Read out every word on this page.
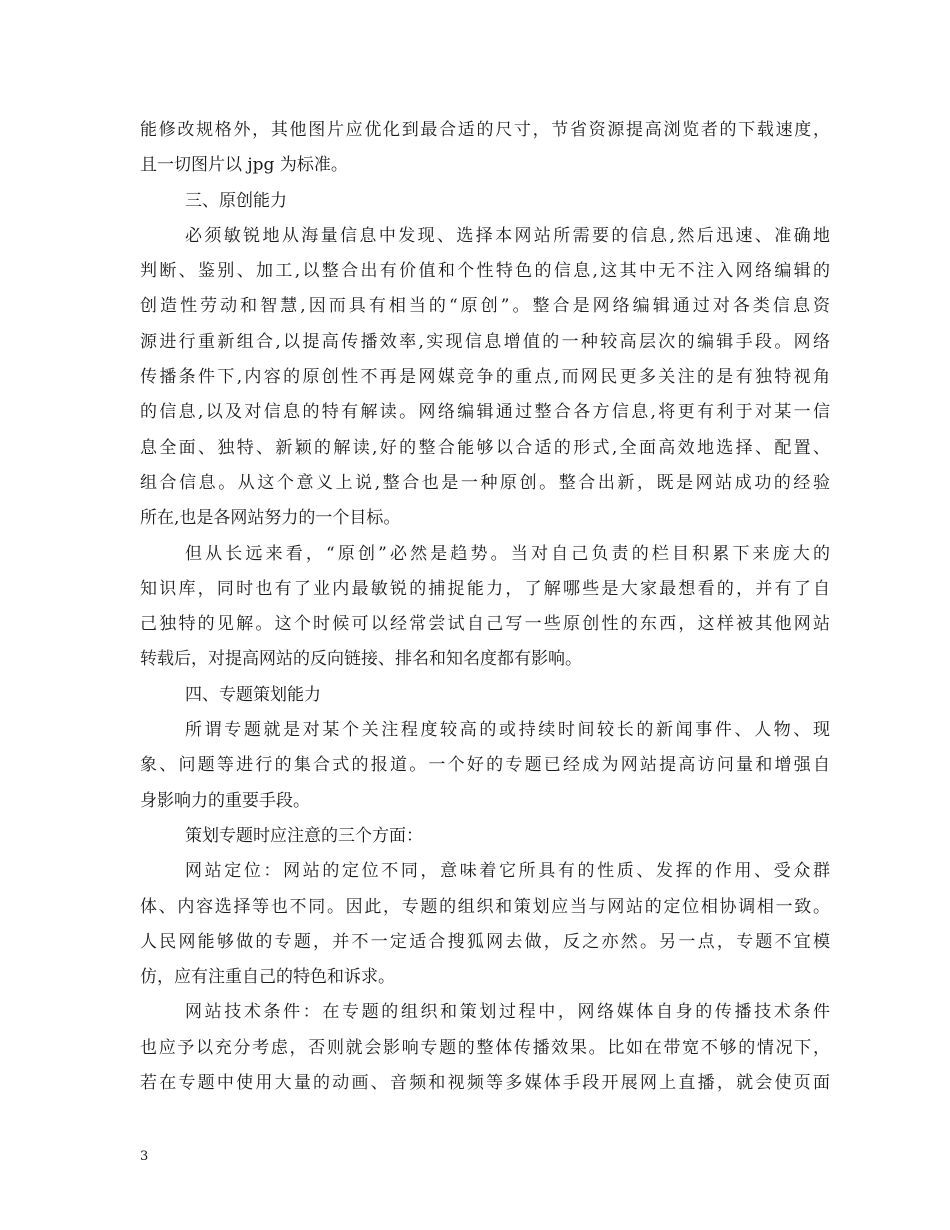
能修改规格外，其他图片应优化到最合适的尺寸，节省资源提高浏览者的下载速度，
且一切图片以 jpg 为标准。
三、原创能力
必须敏锐地从海量信息中发现、选择本网站所需要的信息,然后迅速、准确地
判断、鉴别、加工,以整合出有价值和个性特色的信息,这其中无不注入网络编辑的
创造性劳动和智慧,因而具有相当的“原创”。整合是网络编辑通过对各类信息资
源进行重新组合,以提高传播效率,实现信息增值的一种较高层次的编辑手段。网络
传播条件下,内容的原创性不再是网媒竞争的重点,而网民更多关注的是有独特视角
的信息,以及对信息的特有解读。网络编辑通过整合各方信息,将更有利于对某一信
息全面、独特、新颖的解读,好的整合能够以合适的形式,全面高效地选择、配置、
组合信息。从这个意义上说,整合也是一种原创。整合出新，既是网站成功的经验
所在,也是各网站努力的一个目标。
但从长远来看，“原创”必然是趋势。当对自己负责的栏目积累下来庞大的
知识库，同时也有了业内最敏锐的捕捉能力，了解哪些是大家最想看的，并有了自
己独特的见解。这个时候可以经常尝试自己写一些原创性的东西，这样被其他网站
转载后，对提高网站的反向链接、排名和知名度都有影响。
四、专题策划能力
所谓专题就是对某个关注程度较高的或持续时间较长的新闻事件、人物、现
象、问题等进行的集合式的报道。一个好的专题已经成为网站提高访问量和增强自
身影响力的重要手段。
策划专题时应注意的三个方面：
网站定位：网站的定位不同，意味着它所具有的性质、发挥的作用、受众群
体、内容选择等也不同。因此，专题的组织和策划应当与网站的定位相协调相一致。
人民网能够做的专题，并不一定适合搜狐网去做，反之亦然。另一点，专题不宜模
仿，应有注重自己的特色和诉求。
网站技术条件：在专题的组织和策划过程中，网络媒体自身的传播技术条件
也应予以充分考虑，否则就会影响专题的整体传播效果。比如在带宽不够的情况下，
若在专题中使用大量的动画、音频和视频等多媒体手段开展网上直播，就会使页面
3
